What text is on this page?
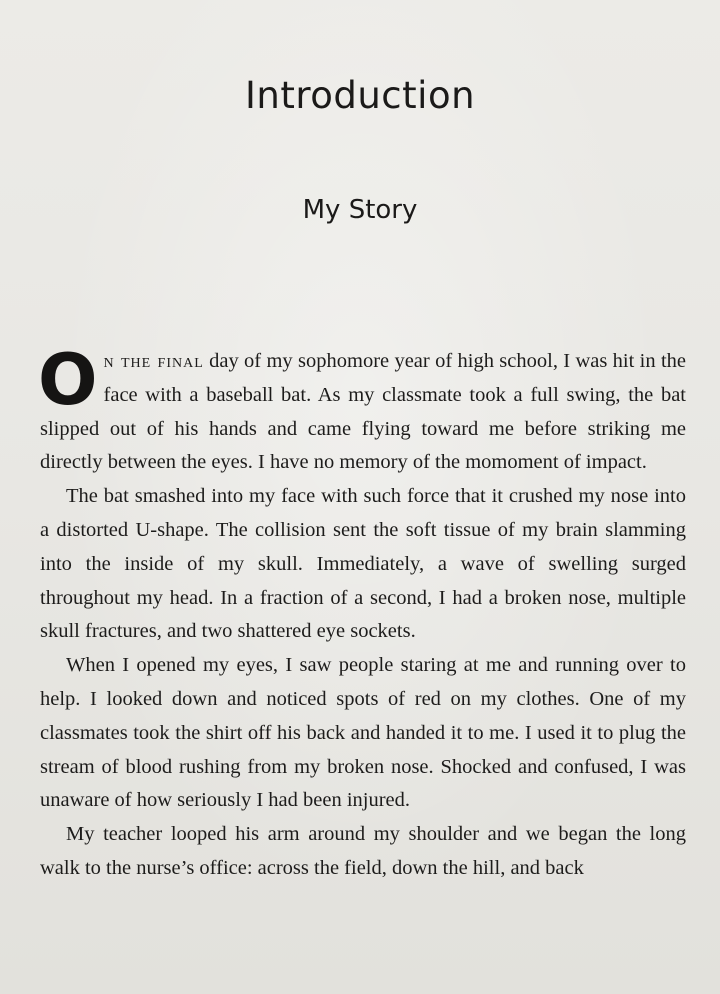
Introduction
My Story

On the final day of my sophomore year of high school, I was hit in the face with a baseball bat. As my classmate took a full swing, the bat slipped out of his hands and came flying toward me before striking me directly between the eyes. I have no memory of the momoment of impact.

The bat smashed into my face with such force that it crushed my nose into a distorted U-shape. The collision sent the soft tissue of my brain slamming into the inside of my skull. Immediately, a wave of swelling surged throughout my head. In a fraction of a second, I had a broken nose, multiple skull fractures, and two shattered eye sockets.

When I opened my eyes, I saw people staring at me and running over to help. I looked down and noticed spots of red on my clothes. One of my classmates took the shirt off his back and handed it to me. I used it to plug the stream of blood rushing from my broken nose. Shocked and confused, I was unaware of how seriously I had been injured.

My teacher looped his arm around my shoulder and we began the long walk to the nurse’s office: across the field, down the hill, and back
